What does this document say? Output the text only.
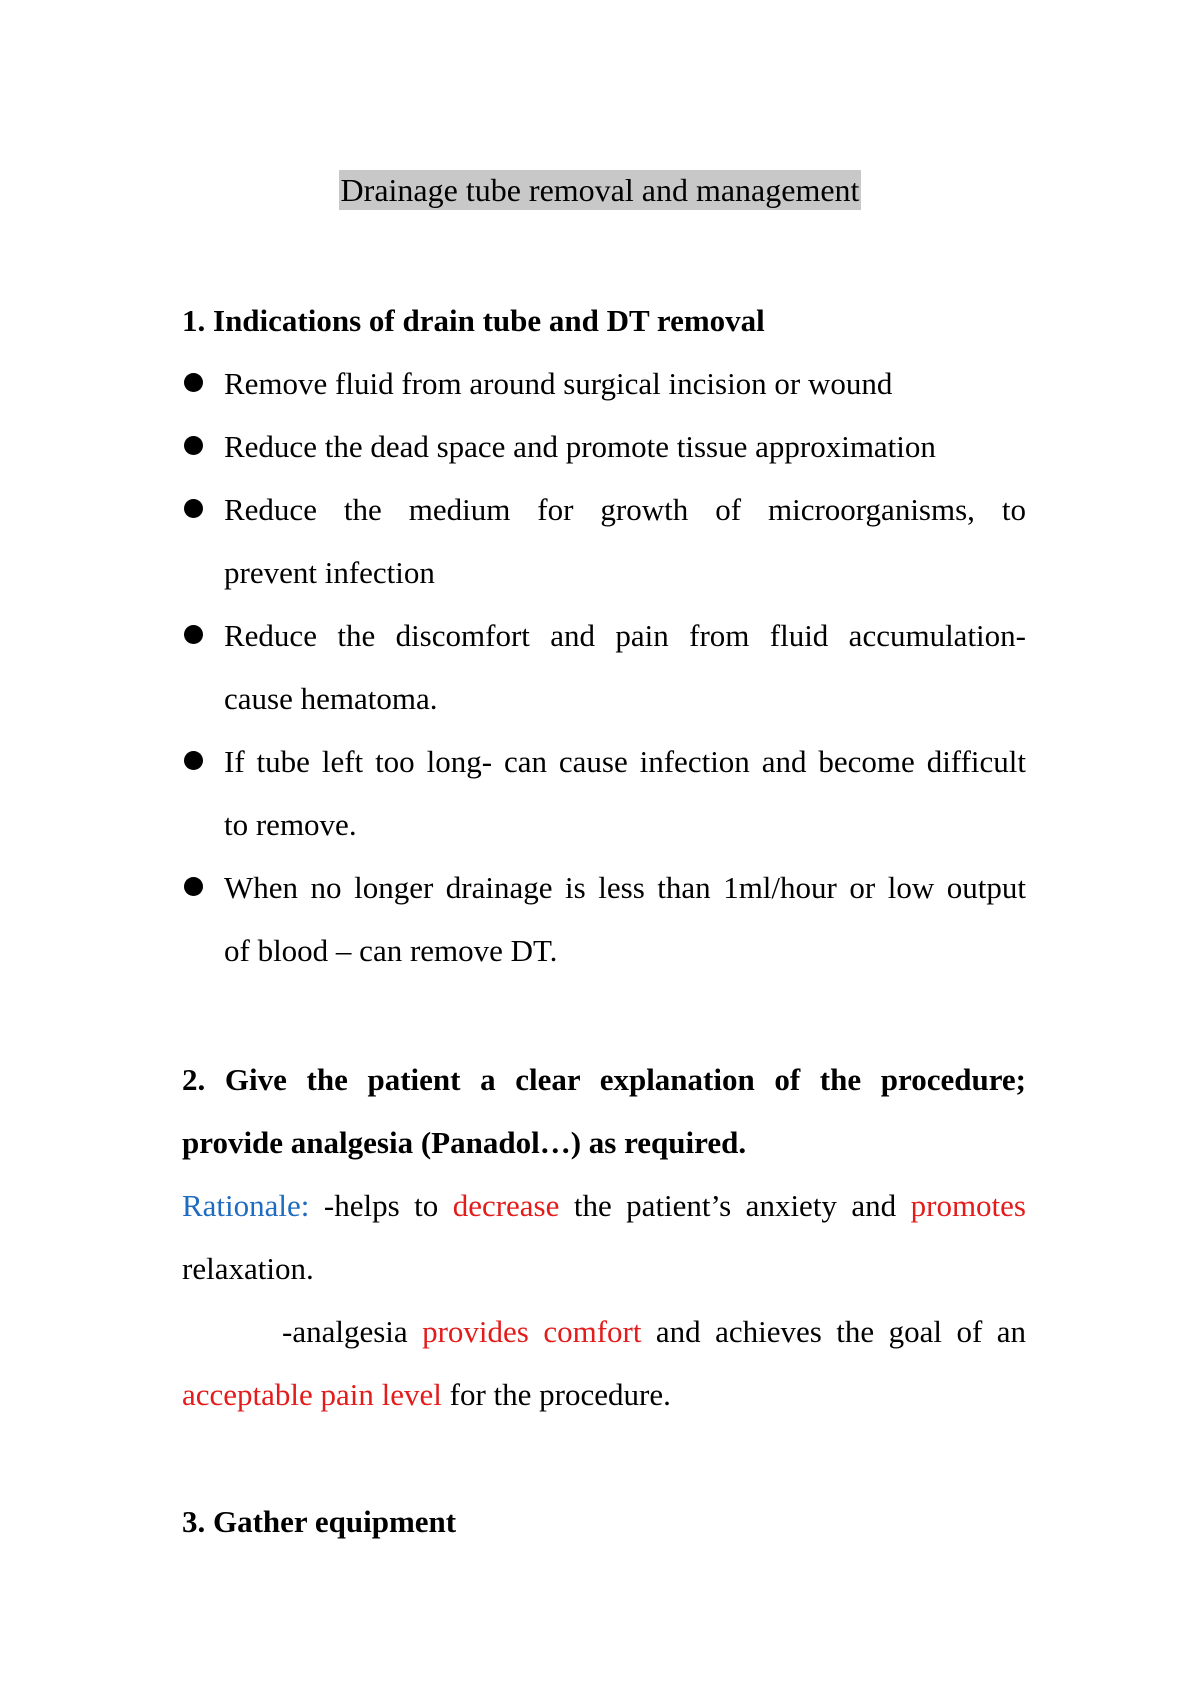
Drainage tube removal and management
1. Indications of drain tube and DT removal
Remove fluid from around surgical incision or wound
Reduce the dead space and promote tissue approximation
Reduce the medium for growth of microorganisms, to
prevent infection
Reduce the discomfort and pain from fluid accumulation-
cause hematoma.
If tube left too long- can cause infection and become difficult
to remove.
When no longer drainage is less than 1ml/hour or low output
of blood – can remove DT.
2. Give the patient a clear explanation of the procedure;
provide analgesia (Panadol…) as required.
Rationale: -helps to decrease the patient’s anxiety and promotes
relaxation.
-analgesia provides comfort and achieves the goal of an
acceptable pain level for the procedure.
3. Gather equipment
